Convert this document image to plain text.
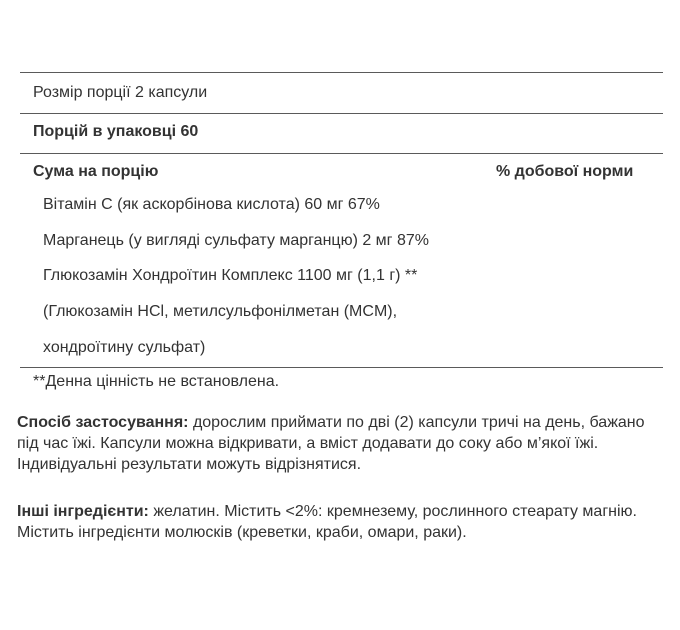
Розмір порції 2 капсули
Порцій в упаковці 60
Сума на порцію	% добової норми
Вітамін C (як аскорбінова кислота) 60 мг 67%
Марганець (у вигляді сульфату марганцю) 2 мг 87%
Глюкозамін Хондроїтин Комплекс 1100 мг (1,1 г) **
(Глюкозамін HCl, метилсульфонілметан (MCM),
хондроїтину сульфат)
**Денна цінність не встановлена.
Спосіб застосування: дорослим приймати по дві (2) капсули тричі на день, бажано під час їжі. Капсули можна відкривати, а вміст додавати до соку або м’якої їжі. Індивідуальні результати можуть відрізнятися.
Інші інгредієнти: желатин. Містить <2%: кремнезему, рослинного стеарату магнію. Містить інгредієнти молюсків (креветки, краби, омари, раки).
